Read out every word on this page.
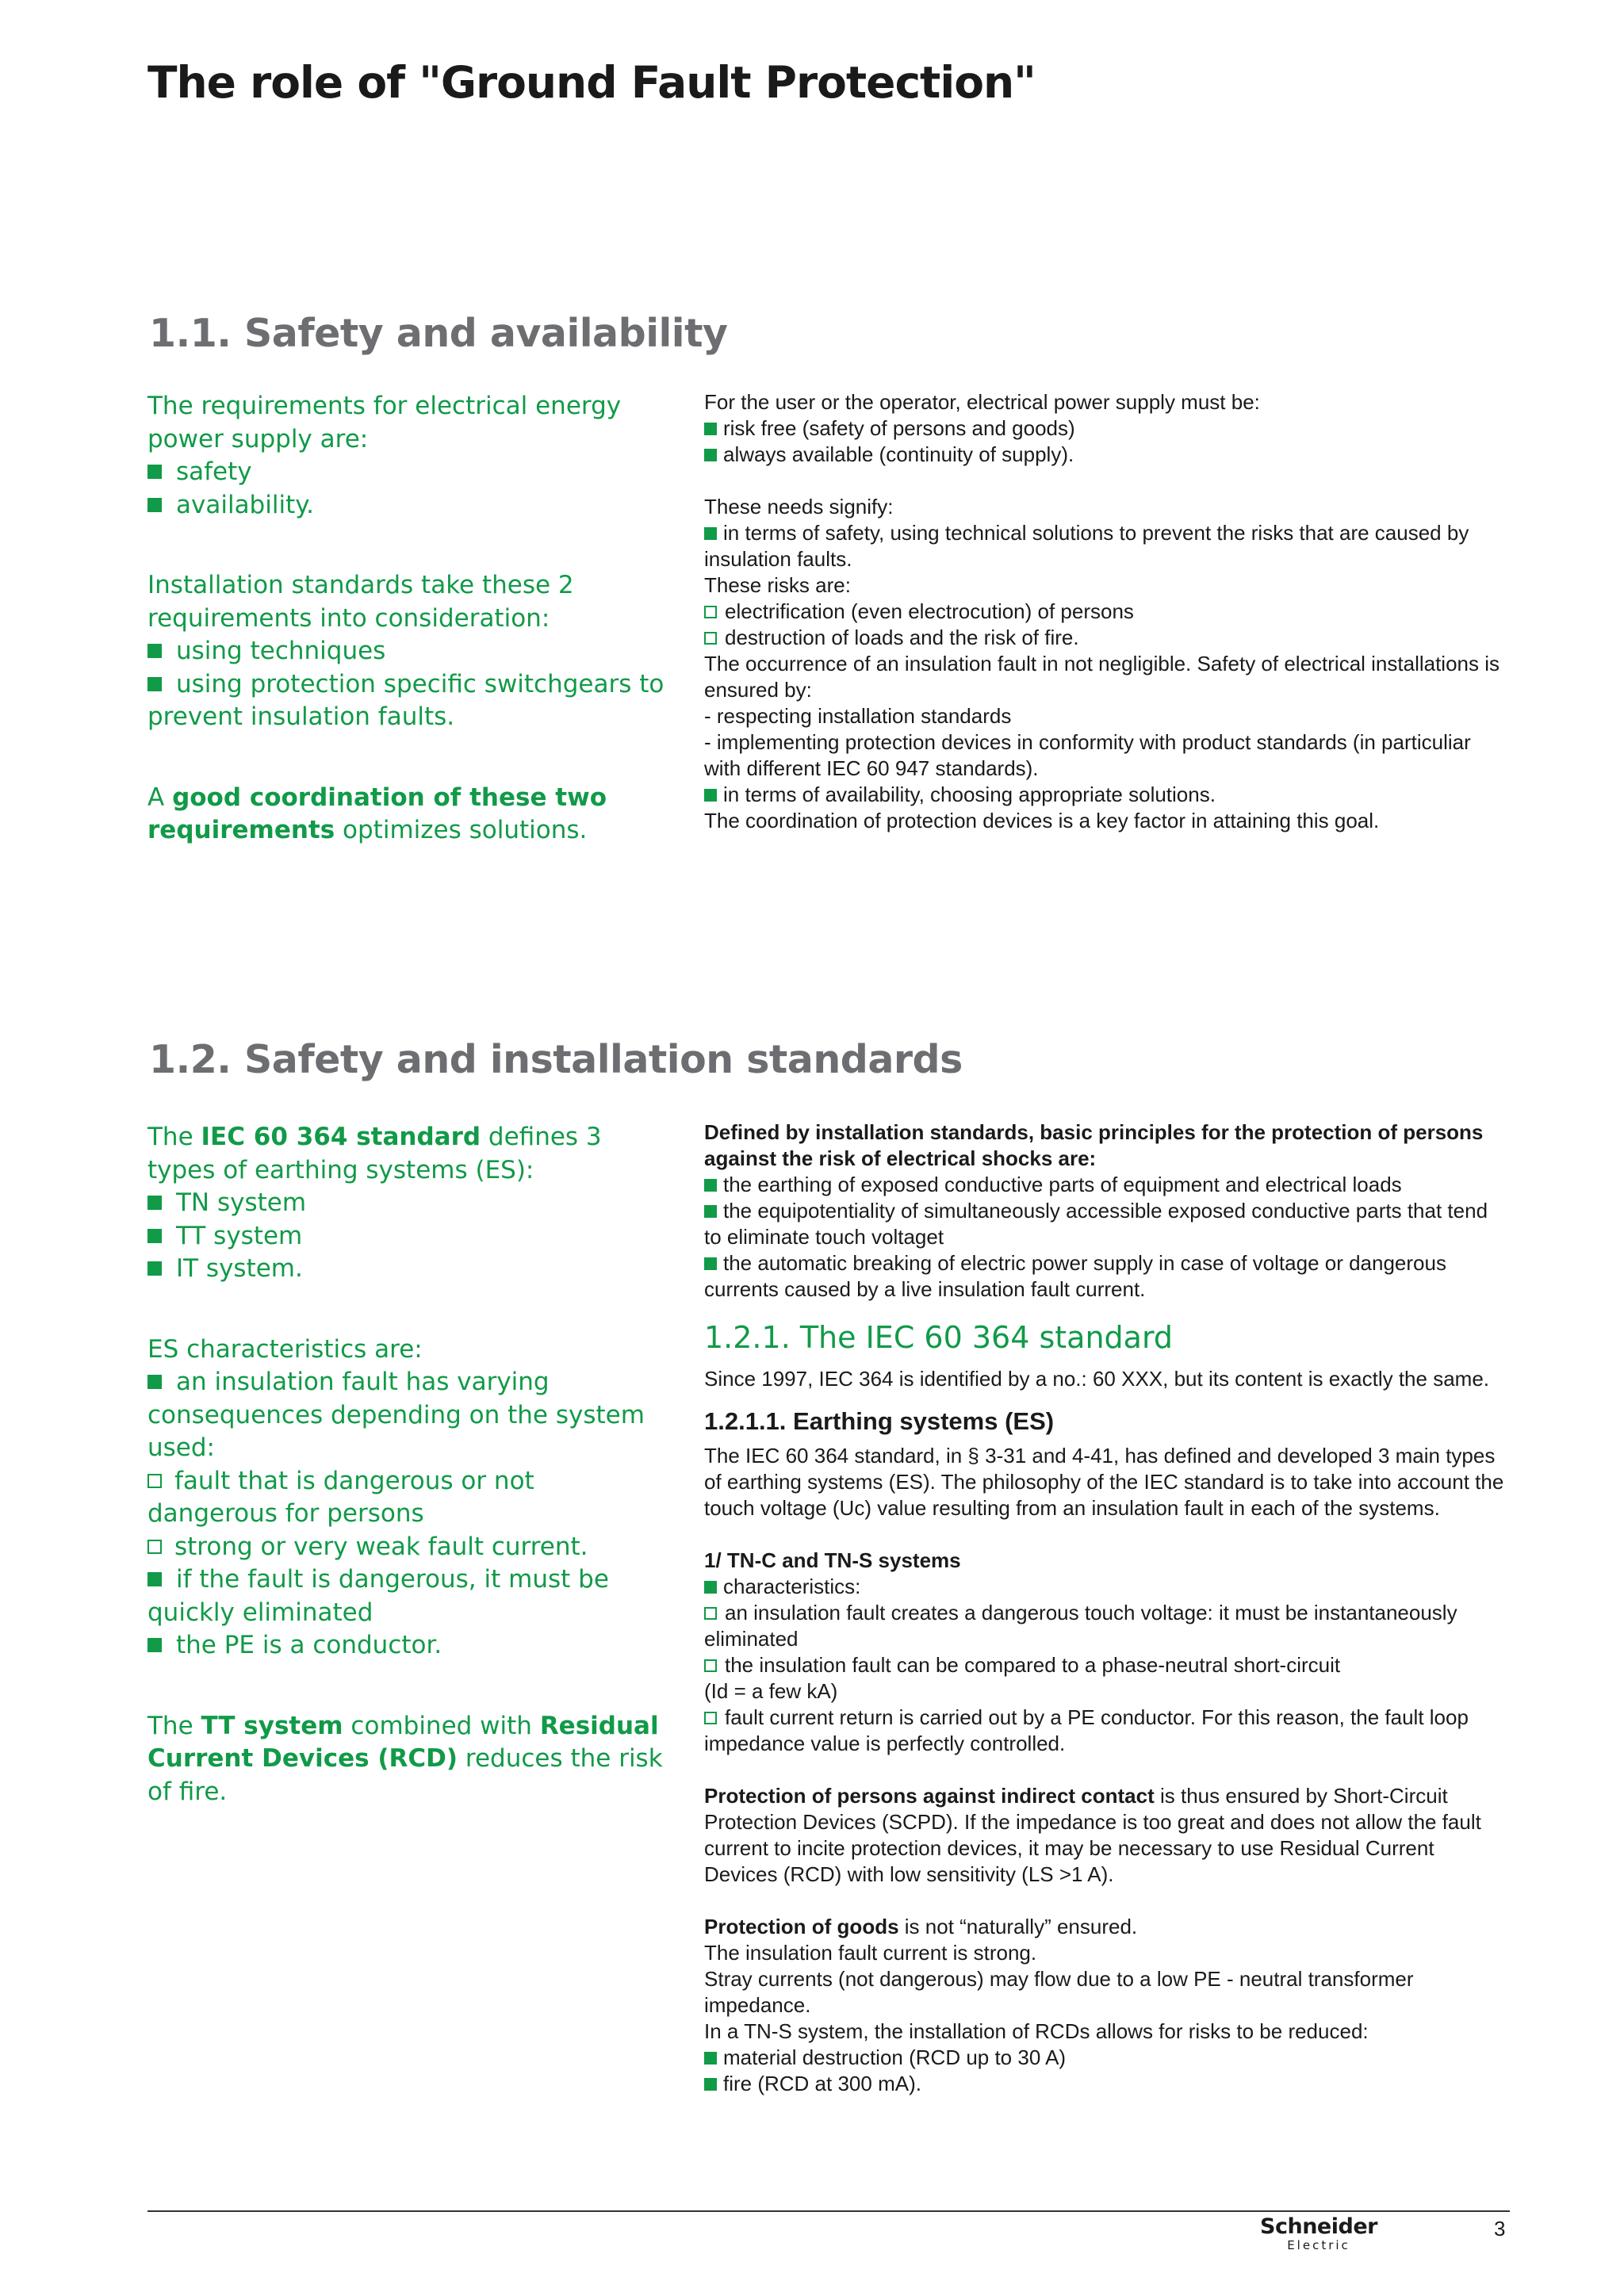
The role of "Ground Fault Protection"
1.1. Safety and availability

The requirements for electrical energy power supply are:

safety

availability.

Installation standards take these 2 requirements into consideration:

using techniques

using protection specific switchgears to prevent insulation faults.

A good coordination of these two requirements optimizes solutions.

For the user or the operator, electrical power supply must be:

risk free (safety of persons and goods)

always available (continuity of supply).

These needs signify:

in terms of safety, using technical solutions to prevent the risks that are caused by insulation faults.

These risks are:

electrification (even electrocution) of persons

destruction of loads and the risk of fire.

The occurrence of an insulation fault in not negligible. Safety of electrical installations is ensured by:

- respecting installation standards

- implementing protection devices in conformity with product standards (in particuliar with different IEC 60 947 standards).

in terms of availability, choosing appropriate solutions.

The coordination of protection devices is a key factor in attaining this goal.

1.2. Safety and installation standards

The IEC 60 364 standard defines 3 types of earthing systems (ES):

TN system

TT system

IT system.

ES characteristics are:

an insulation fault has varying consequences depending on the system used:

fault that is dangerous or not dangerous for persons

strong or very weak fault current.

if the fault is dangerous, it must be quickly eliminated

the PE is a conductor.

The TT system combined with Residual Current Devices (RCD) reduces the risk of fire.

Defined by installation standards, basic principles for the protection of persons against the risk of electrical shocks are:

the earthing of exposed conductive parts of equipment and electrical loads

the equipotentiality of simultaneously accessible exposed conductive parts that tend to eliminate touch voltaget

the automatic breaking of electric power supply in case of voltage or dangerous currents caused by a live insulation fault current.

1.2.1. The IEC 60 364 standard

Since 1997, IEC 364 is identified by a no.: 60 XXX, but its content is exactly the same.

1.2.1.1. Earthing systems (ES)

The IEC 60 364 standard, in § 3-31 and 4-41, has defined and developed 3 main types of earthing systems (ES). The philosophy of the IEC standard is to take into account the touch voltage (Uc) value resulting from an insulation fault in each of the systems.

1/ TN-C and TN-S systems

characteristics:

an insulation fault creates a dangerous touch voltage: it must be instantaneously eliminated

the insulation fault can be compared to a phase-neutral short-circuit

(Id = a few kA)

fault current return is carried out by a PE conductor. For this reason, the fault loop impedance value is perfectly controlled.

Protection of persons against indirect contact is thus ensured by Short-Circuit Protection Devices (SCPD). If the impedance is too great and does not allow the fault current to incite protection devices, it may be necessary to use Residual Current Devices (RCD) with low sensitivity (LS >1 A).

Protection of goods is not “naturally” ensured.

The insulation fault current is strong.

Stray currents (not dangerous) may flow due to a low PE - neutral transformer impedance.

In a TN-S system, the installation of RCDs allows for risks to be reduced:

material destruction (RCD up to 30 A)

fire (RCD at 300 mA).

Schneider
Electric
3
